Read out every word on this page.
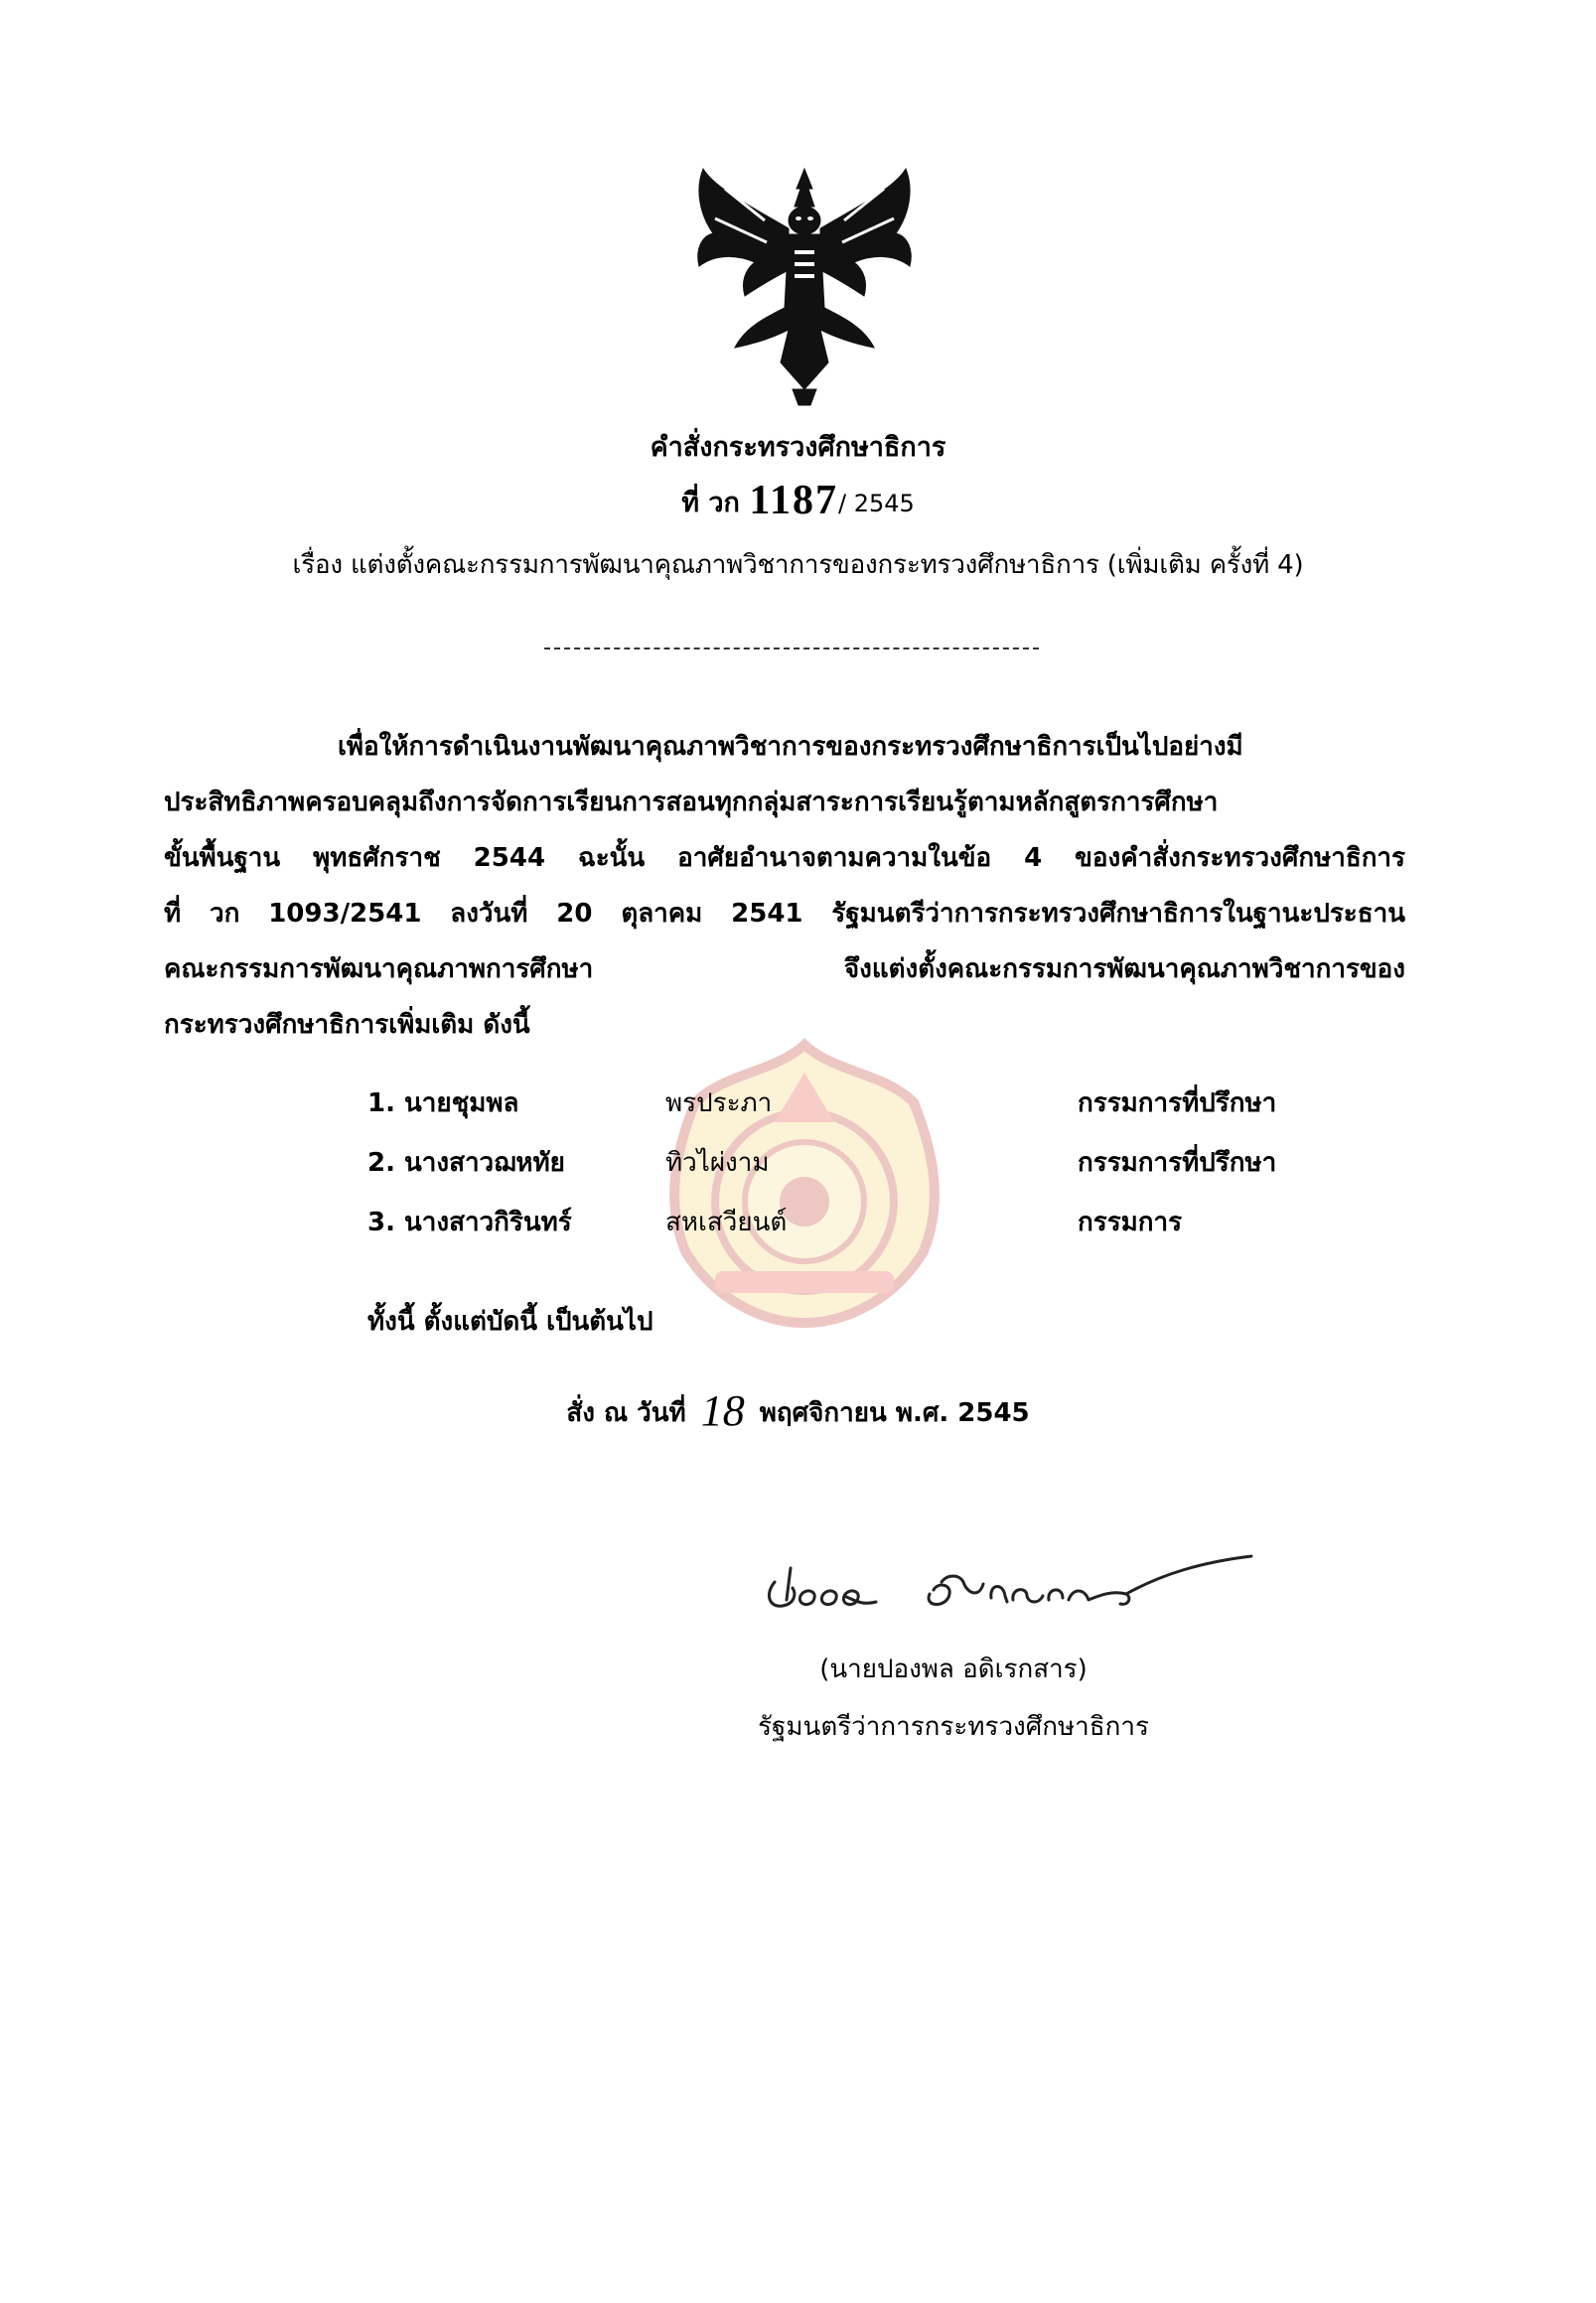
คำสั่งกระทรวงศึกษาธิการ
ที่ วก 1187/ 2545
เรื่อง แต่งตั้งคณะกรรมการพัฒนาคุณภาพวิชาการของกระทรวงศึกษาธิการ (เพิ่มเติม ครั้งที่ 4)
เพื่อให้การดำเนินงานพัฒนาคุณภาพวิชาการของกระทรวงศึกษาธิการเป็นไปอย่างมี
ประสิทธิภาพครอบคลุมถึงการจัดการเรียนการสอนทุกกลุ่มสาระการเรียนรู้ตามหลักสูตรการศึกษา
ขั้นพื้นฐาน พุทธศักราช 2544 ฉะนั้น อาศัยอำนาจตามความในข้อ 4 ของคำสั่งกระทรวงศึกษาธิการ
ที่ วก 1093/2541 ลงวันที่ 20 ตุลาคม 2541 รัฐมนตรีว่าการกระทรวงศึกษาธิการในฐานะประธาน
คณะกรรมการพัฒนาคุณภาพการศึกษา จึงแต่งตั้งคณะกรรมการพัฒนาคุณภาพวิชาการของ
กระทรวงศึกษาธิการเพิ่มเติม ดังนี้
1. นายชุมพล	พรประภา	กรรมการที่ปรึกษา
2. นางสาวฌหทัย	ทิวไผ่งาม	กรรมการที่ปรึกษา
3. นางสาวกิรินทร์	สหเสวียนต์	กรรมการ
ทั้งนี้ ตั้งแต่บัดนี้ เป็นต้นไป
สั่ง ณ วันที่ 18 พฤศจิกายน พ.ศ. 2545
(นายปองพล อดิเรกสาร)
รัฐมนตรีว่าการกระทรวงศึกษาธิการ
